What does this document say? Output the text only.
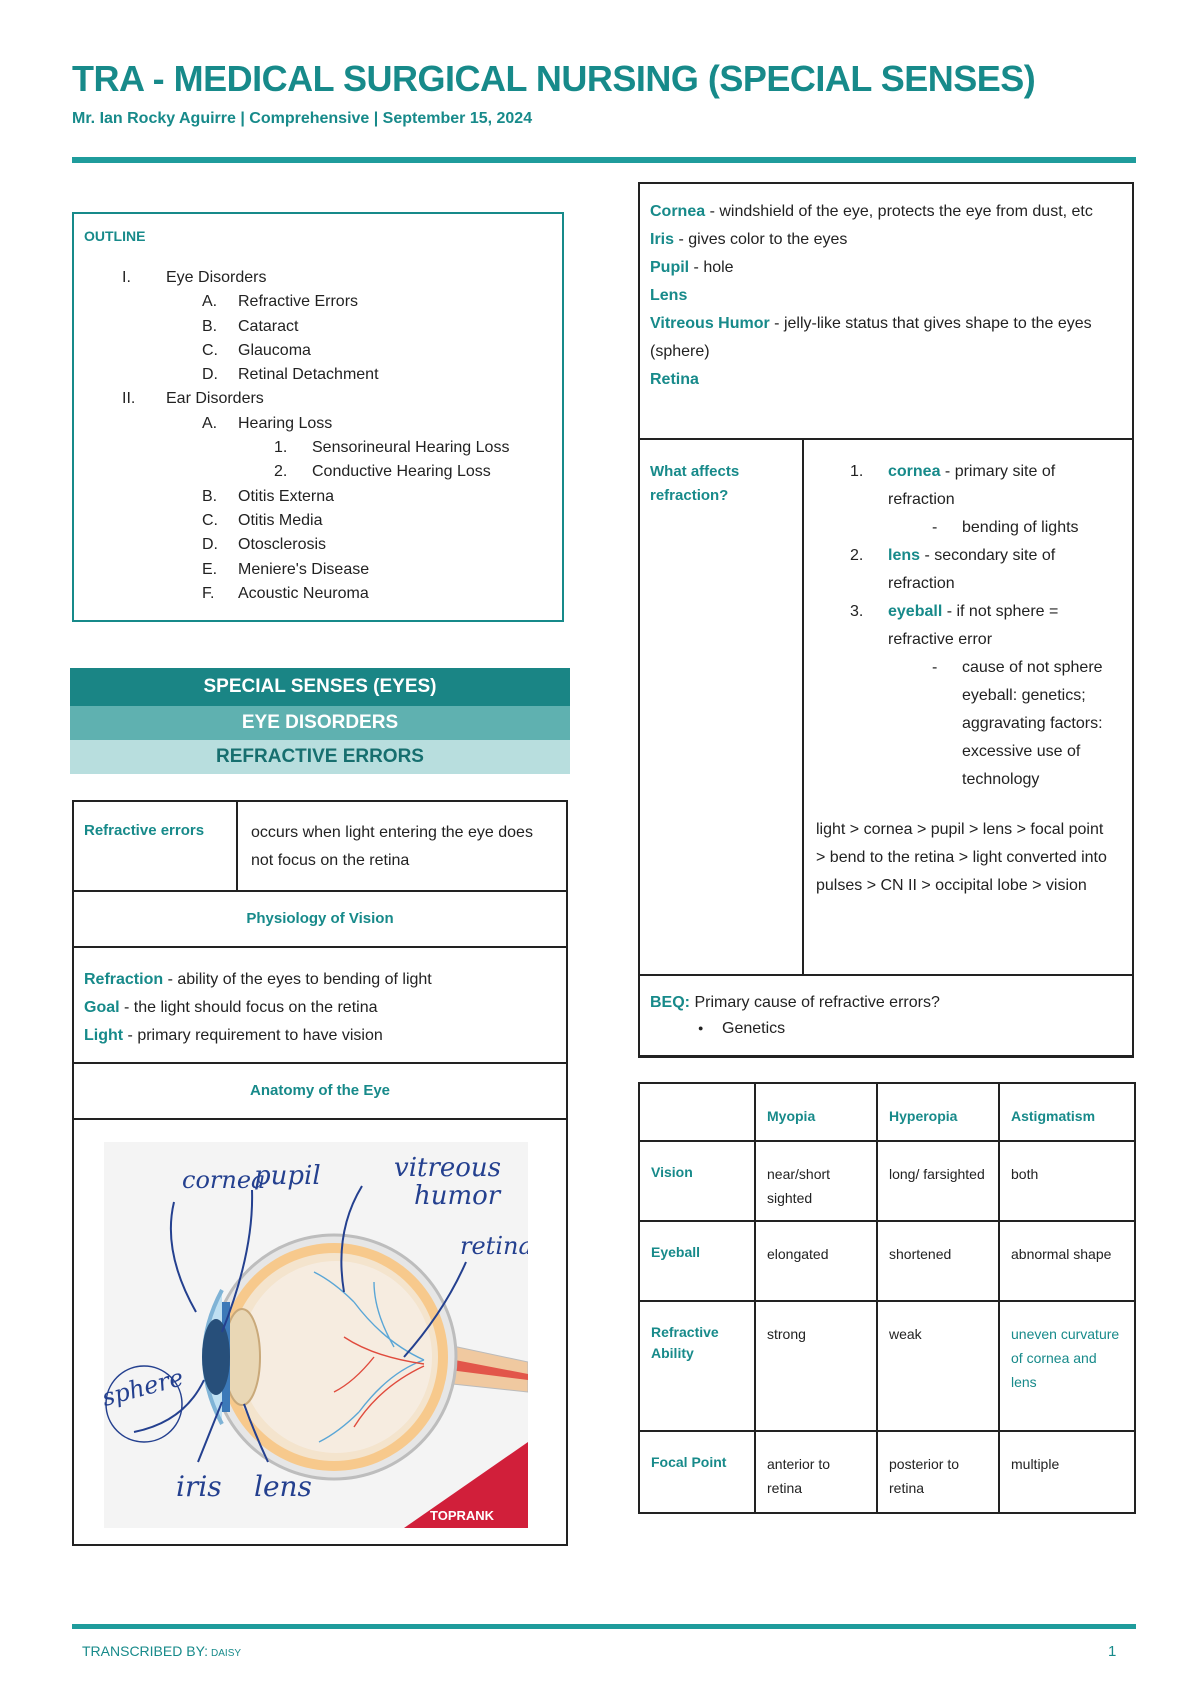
TRA - MEDICAL SURGICAL NURSING (SPECIAL SENSES)
Mr. Ian Rocky Aguirre | Comprehensive | September 15, 2024
OUTLINE
I. Eye Disorders
A. Refractive Errors
B. Cataract
C. Glaucoma
D. Retinal Detachment
II. Ear Disorders
A. Hearing Loss
1. Sensorineural Hearing Loss
2. Conductive Hearing Loss
B. Otitis Externa
C. Otitis Media
D. Otosclerosis
E. Meniere's Disease
F. Acoustic Neuroma
SPECIAL SENSES (EYES)
EYE DISORDERS
REFRACTIVE ERRORS
Refractive errors	occurs when light entering the eye does not focus on the retina
Physiology of Vision
Refraction - ability of the eyes to bending of light
Goal - the light should focus on the retina
Light - primary requirement to have vision
Anatomy of the Eye
cornea
pupil	vitreous
humor
retina
sphere
iris lens
TOPRANK
Cornea - windshield of the eye, protects the eye from dust, etc
Iris - gives color to the eyes
Pupil - hole
Lens
Vitreous Humor - jelly-like status that gives shape to the eyes (sphere)
Retina
What affects refraction?
1. cornea - primary site of refraction
- bending of lights
2. lens - secondary site of refraction
3. eyeball - if not sphere = refractive error
- cause of not sphere eyeball: genetics; aggravating factors: excessive use of technology
light > cornea > pupil > lens > focal point > bend to the retina > light converted into pulses > CN II > occipital lobe > vision
BEQ: Primary cause of refractive errors?
● Genetics
	Myopia	Hyperopia	Astigmatism
Vision	near/short sighted	long/ farsighted	both
Eyeball	elongated	shortened	abnormal shape
Refractive Ability	strong	weak	uneven curvature of cornea and lens
Focal Point	anterior to retina	posterior to retina	multiple
TRANSCRIBED BY: DAISY	1
